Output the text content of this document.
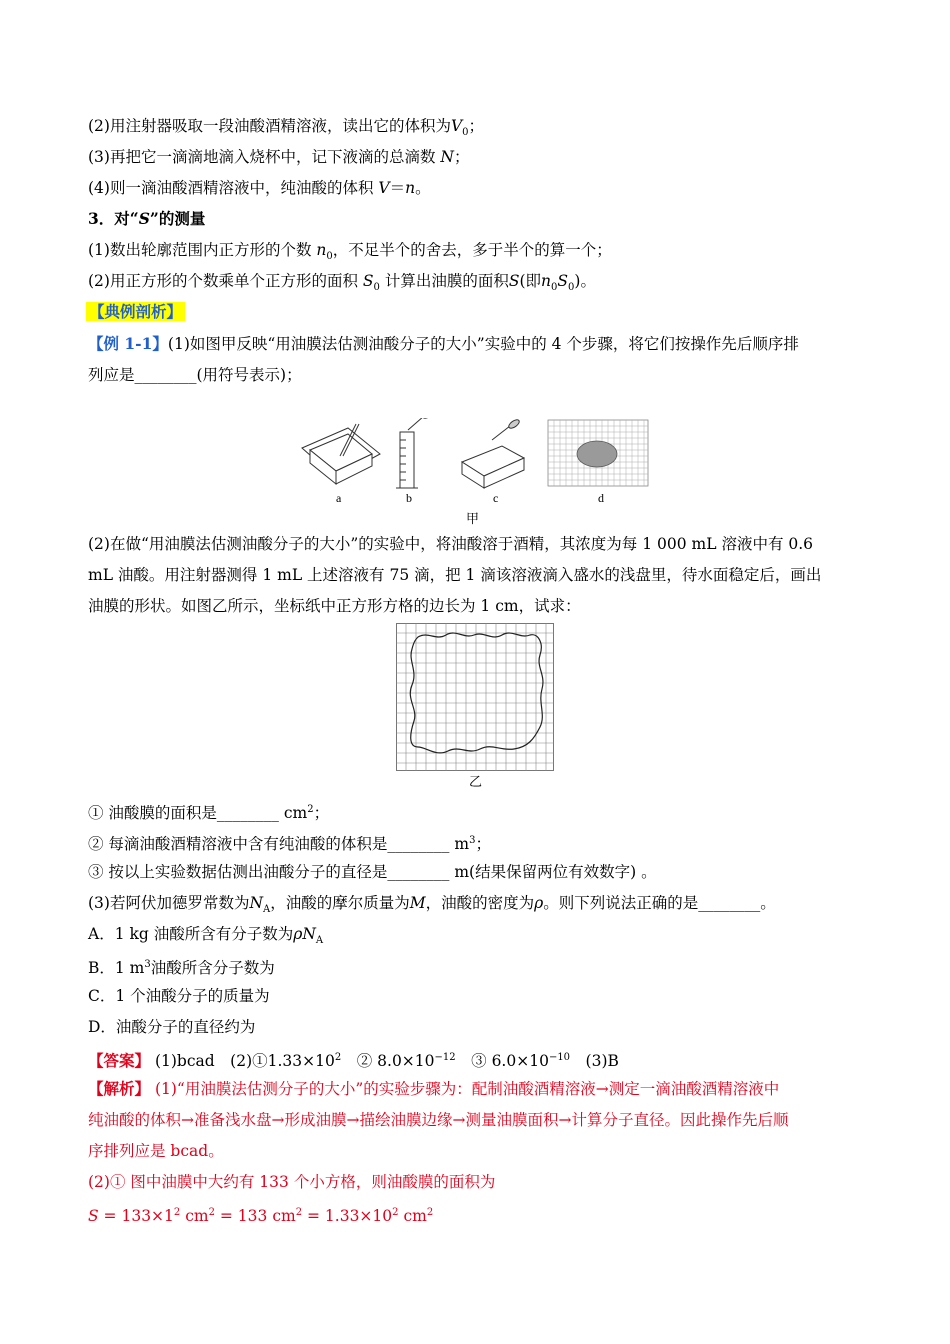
(2)用注射器吸取一段油酸酒精溶液，读出它的体积为$V_0$；
(3)再把它一滴滴地滴入烧杯中，记下液滴的总滴数 N；
(4)则一滴油酸酒精溶液中，纯油酸的体积 V＝n。
3．对“S”的测量
(1)数出轮廓范围内正方形的个数 $n_0$，不足半个的舍去，多于半个的算一个；
(2)用正方形的个数乘单个正方形的面积 $S_0$ 计算出油膜的面积S(即$n_0S_0$)。
【典例剖析】
【例 1-1】(1)如图甲反映“用油膜法估测油酸分子的大小”实验中的 4 个步骤，将它们按操作先后顺序排
列应是________(用符号表示)；
a	b	c	d
甲
(2)在做“用油膜法估测油酸分子的大小”的实验中，将油酸溶于酒精，其浓度为每 1 000 mL 溶液中有 0.6
mL 油酸。用注射器测得 1 mL 上述溶液有 75 滴，把 1 滴该溶液滴入盛水的浅盘里，待水面稳定后，画出
油膜的形状。如图乙所示，坐标纸中正方形方格的边长为 1 cm，试求：
乙
① 油酸膜的面积是________ $cm^2$；
② 每滴油酸酒精溶液中含有纯油酸的体积是________ $m^3$；
③ 按以上实验数据估测出油酸分子的直径是________ m(结果保留两位有效数字) 。
(3)若阿伏加德罗常数为$N_A$，油酸的摩尔质量为M，油酸的密度为ρ。则下列说法正确的是________。
A．1 kg 油酸所含有分子数为$\rho N_A$
B．1 $m^3$油酸所含分子数为
C．1 个油酸分子的质量为
D．油酸分子的直径约为
【答案】 (1)bcad　$(2)①1.33\times 10^2$　② $8.0\times 10^{-12}$　③ $6.0\times 10^{-10}$　(3)B
【解析】 (1)“用油膜法估测分子的大小”的实验步骤为：配制油酸酒精溶液→测定一滴油酸酒精溶液中
纯油酸的体积→准备浅水盘→形成油膜→描绘油膜边缘→测量油膜面积→计算分子直径。因此操作先后顺
序排列应是 bcad。
(2)① 图中油膜中大约有 133 个小方格，则油酸膜的面积为
$S = 133\times 1^2$ $cm^2 = 133$ $cm^2 = 1.33\times 10^2$ $cm^2$
